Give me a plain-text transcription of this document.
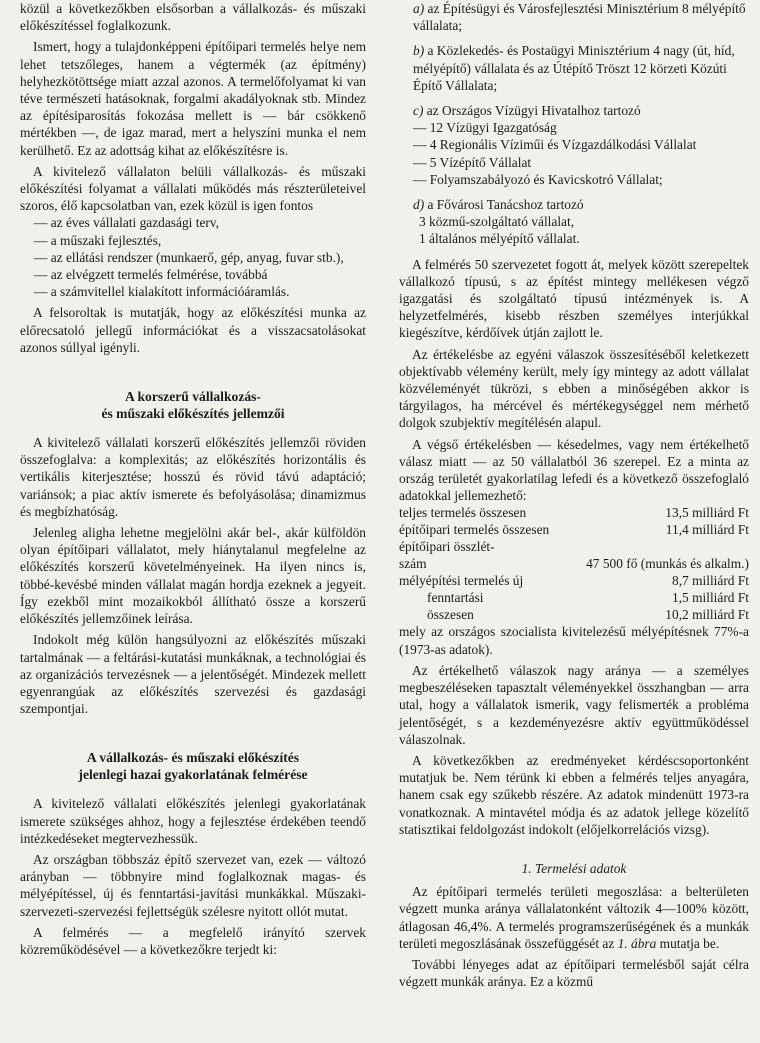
közül a következőkben elsősorban a vállalkozás- és műszaki előkészítéssel foglalkozunk.

Ismert, hogy a tulajdonképpeni építőipari termelés helye nem lehet tetszőleges, hanem a végtermék (az építmény) helyhezkötöttsége miatt azzal azonos. A termelőfolyamat ki van téve természeti hatásoknak, forgalmi akadályoknak stb. Mindez az építésiparosítás fokozása mellett is — bár csökkenő mértékben —, de igaz marad, mert a helyszíni munka el nem kerülhető. Ez az adottság kihat az előkészítésre is.

A kivitelező vállalaton belüli vállalkozás- és műszaki előkészítési folyamat a vállalati működés más részterületeivel szoros, élő kapcsolatban van, ezek közül is igen fontos

— az éves vállalati gazdasági terv,

— a műszaki fejlesztés,

— az ellátási rendszer (munkaerő, gép, anyag, fuvar stb.),

— az elvégzett termelés felmérése, továbbá

— a számvitellel kialakított információáramlás.

A felsoroltak is mutatják, hogy az előkészítési munka az előrecsatoló jellegű információkat és a visszacsatolásokat azonos súllyal igényli.

A korszerű vállalkozás-
és műszaki előkészítés jellemzői

A kivitelező vállalati korszerű előkészítés jellemzői röviden összefoglalva: a komplexitás; az előkészítés horizontális és vertikális kiterjesztése; hosszú és rövid távú adaptáció; variánsok; a piac aktív ismerete és befolyásolása; dinamizmus és megbízhatóság.

Jelenleg aligha lehetne megjelölni akár bel-, akár külföldön olyan építőipari vállalatot, mely hiánytalanul megfelelne az előkészítés korszerű követelményeinek. Ha ilyen nincs is, többé-kevésbé minden vállalat magán hordja ezeknek a jegyeit. Így ezekből mint mozaikokból állítható össze a korszerű előkészítés jellemzőinek leírása.

Indokolt még külön hangsúlyozni az előkészítés műszaki tartalmának — a feltárási-kutatási munkáknak, a technológiai és az organizációs tervezésnek — a jelentőségét. Mindezek mellett egyenrangúak az előkészítés szervezési és gazdasági szempontjai.

A vállalkozás- és műszaki előkészítés
jelenlegi hazai gyakorlatának felmérése

A kivitelező vállalati előkészítés jelenlegi gyakorlatának ismerete szükséges ahhoz, hogy a fejlesztése érdekében teendő intézkedéseket megtervezhessük.

Az országban többszáz építő szervezet van, ezek — változó arányban — többnyire mind foglalkoznak magas- és mélyépítéssel, új és fenntartási-javítási munkákkal. Műszaki-szervezeti-szervezési fejlettségük szélesre nyitott ollót mutat.

A felmérés — a megfelelő irányító szervek közreműködésével — a következőkre terjedt ki:

a) az Építésügyi és Városfejlesztési Minisztérium 8 mélyépítő vállalata;

b) a Közlekedés- és Postaügyi Minisztérium 4 nagy (út, híd, mélyépítő) vállalata és az Útépítő Tröszt 12 körzeti Közúti Építő Vállalata;

c) az Országos Vízügyi Hivatalhoz tartozó

— 12 Vízügyi Igazgatóság

— 4 Regionális Víziműi és Vízgazdálkodási Vállalat

— 5 Vízépítő Vállalat

— Folyamszabályozó és Kavicskotró Vállalat;

d) a Fővárosi Tanácshoz tartozó

3 közmű-szolgáltató vállalat,

1 általános mélyépítő vállalat.

A felmérés 50 szervezetet fogott át, melyek között szerepeltek vállalkozó típusú, s az építést mintegy mellékesen végző igazgatási és szolgáltató típusú intézmények is. A helyzetfelmérés, kisebb részben személyes interjúkkal kiegészítve, kérdőívek útján zajlott le.

Az értékelésbe az egyéni válaszok összesítéséből keletkezett objektívabb vélemény került, mely így mintegy az adott vállalat közvéleményét tükrözi, s ebben a minőségében akkor is tárgyilagos, ha mércével és mértékegységgel nem mérhető dolgok szubjektív megítélésén alapul.

A végső értékelésben — késedelmes, vagy nem értékelhető válasz miatt — az 50 vállalatból 36 szerepel. Ez a minta az ország területét gyakorlatilag lefedi és a következő összefoglaló adatokkal jellemezhető:

teljes termelés összesen	13,5 milliárd Ft
építőipari termelés összesen	11,4 milliárd Ft
építőipari összlét-	
szám	47 500 fő (munkás és alkalm.)
mélyépítési termelés új	8,7 milliárd Ft
fenntartási	1,5 milliárd Ft
összesen	10,2 milliárd Ft

mely az országos szocialista kivitelezésű mélyépítésnek 77%-a (1973-as adatok).

Az értékelhető válaszok nagy aránya — a személyes megbeszéléseken tapasztalt véleményekkel összhangban — arra utal, hogy a vállalatok ismerik, vagy felismerték a probléma jelentőségét, s a kezdeményezésre aktív együttműködéssel válaszolnak.

A következőkben az eredményeket kérdéscsoportonként mutatjuk be. Nem térünk ki ebben a felmérés teljes anyagára, hanem csak egy szűkebb részére. Az adatok mindenütt 1973-ra vonatkoznak. A mintavétel módja és az adatok jellege közelítő statisztikai feldolgozást indokolt (előjelkorrelációs vizsg).

1. Termelési adatok

Az építőipari termelés területi megoszlása: a belterületen végzett munka aránya vállalatonként változik 4—100% között, átlagosan 46,4%. A termelés programszerűségének és a munkák területi megoszlásának összefüggését az 1. ábra mutatja be.

További lényeges adat az építőipari termelésből saját célra végzett munkák aránya. Ez a közmű
